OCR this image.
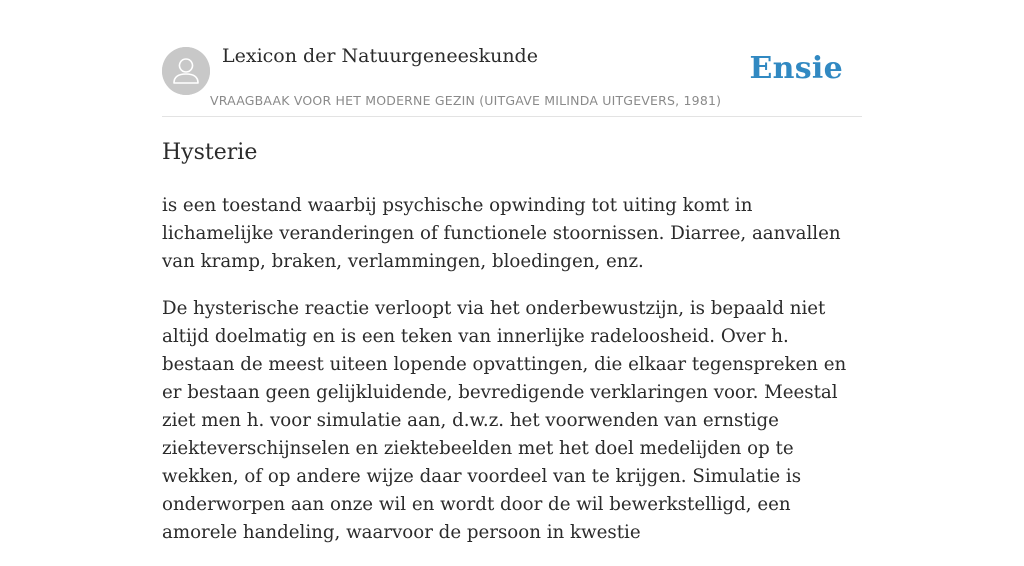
Lexicon der Natuurgeneeskunde
VRAAGBAAK VOOR HET MODERNE GEZIN (UITGAVE MILINDA UITGEVERS, 1981)
Ensie
Hysterie

is een toestand waarbij psychische opwinding tot uiting komt in lichamelijke veranderingen of functionele stoornissen. Diarree, aanvallen van kramp, braken, verlammingen, bloedingen, enz.

De hysterische reactie verloopt via het onderbewustzijn, is bepaald niet altijd doelmatig en is een teken van innerlijke radeloosheid. Over h. bestaan de meest uiteen lopende opvattingen, die elkaar tegenspreken en er bestaan geen gelijkluidende, bevredigende verklaringen voor. Meestal ziet men h. voor simulatie aan, d.w.z. het voorwenden van ernstige ziekteverschijnselen en ziektebeelden met het doel medelijden op te wekken, of op andere wijze daar voordeel van te krijgen. Simulatie is onderworpen aan onze wil en wordt door de wil bewerkstelligd, een amorele handeling, waarvoor de persoon in kwestie
